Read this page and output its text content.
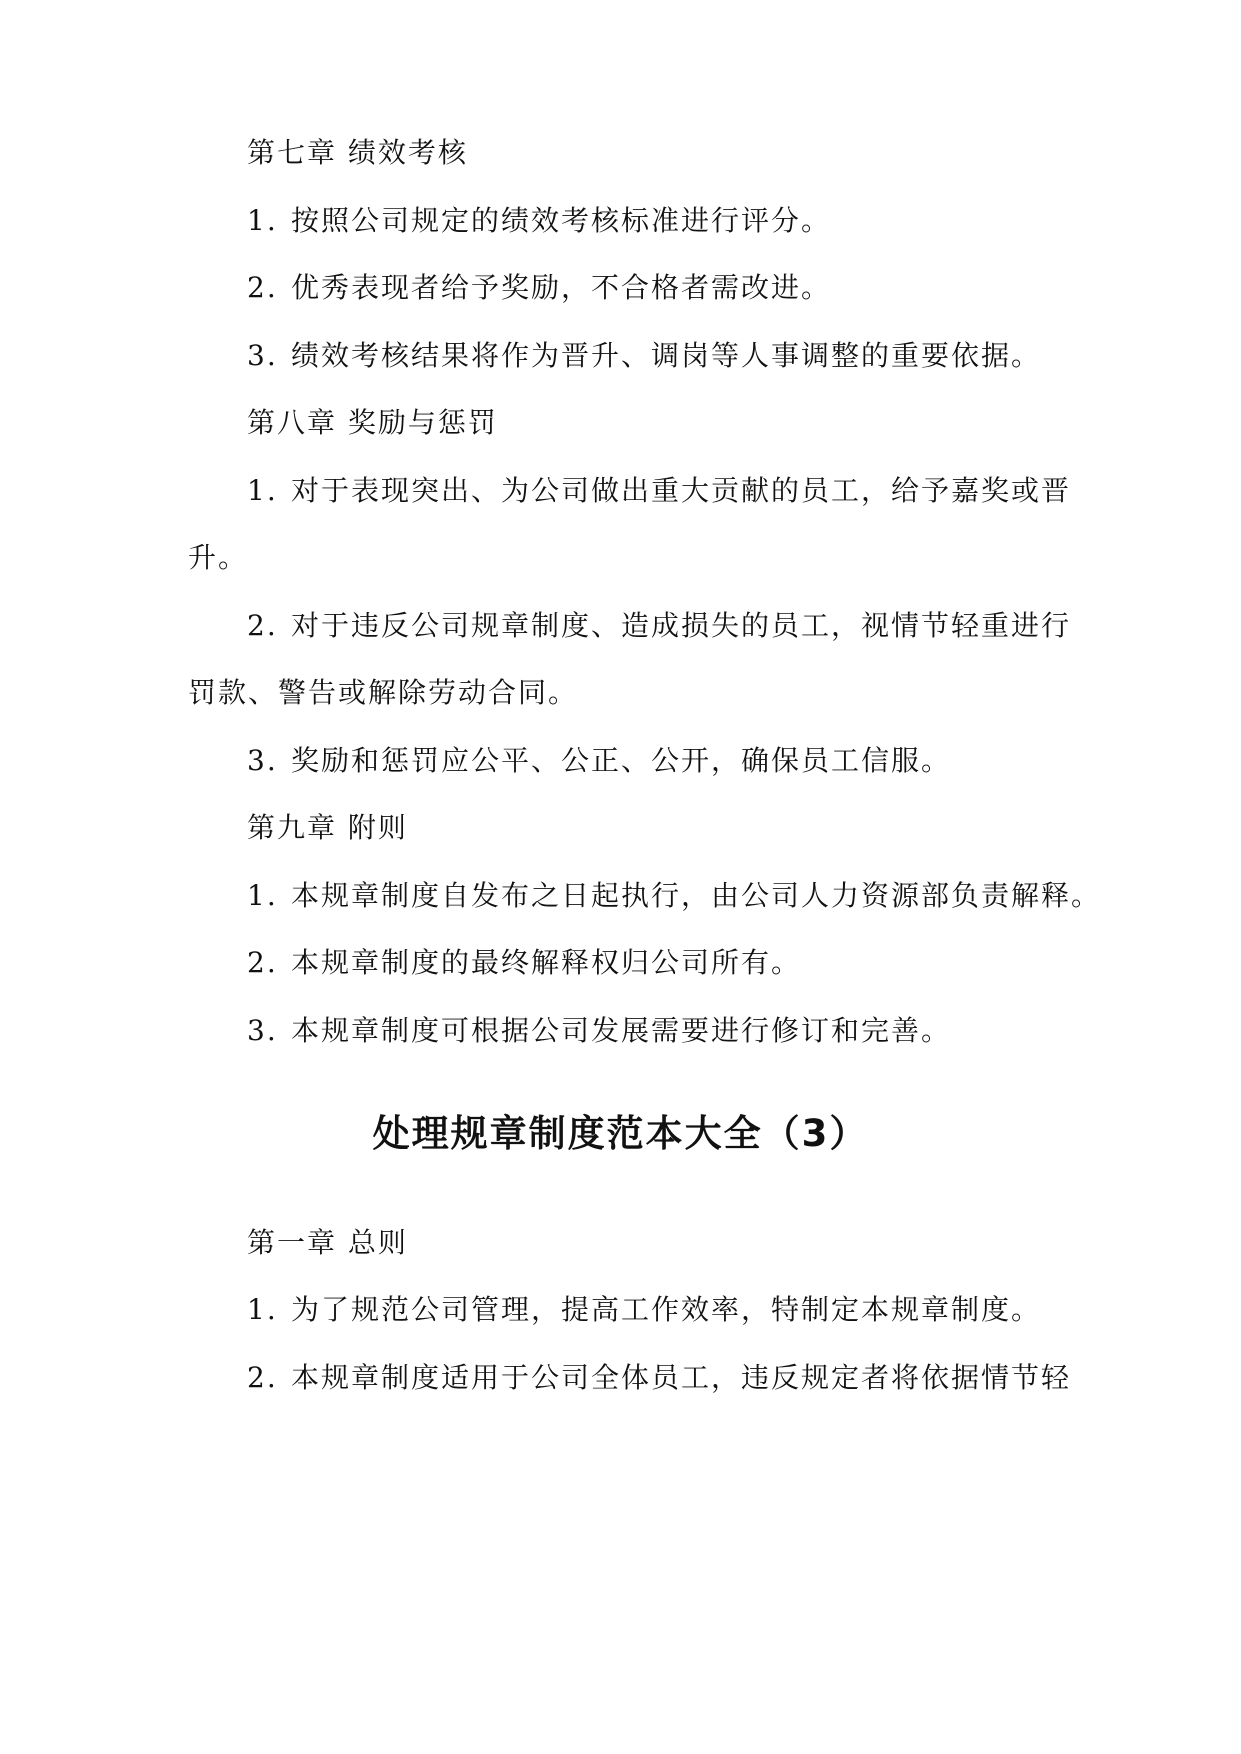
第七章 绩效考核
1. 按照公司规定的绩效考核标准进行评分。
2. 优秀表现者给予奖励，不合格者需改进。
3. 绩效考核结果将作为晋升、调岗等人事调整的重要依据。
第八章 奖励与惩罚
1. 对于表现突出、为公司做出重大贡献的员工，给予嘉奖或晋
升。
2. 对于违反公司规章制度、造成损失的员工，视情节轻重进行
罚款、警告或解除劳动合同。
3. 奖励和惩罚应公平、公正、公开，确保员工信服。
第九章 附则
1. 本规章制度自发布之日起执行，由公司人力资源部负责解释。
2. 本规章制度的最终解释权归公司所有。
3. 本规章制度可根据公司发展需要进行修订和完善。
处理规章制度范本大全（3）
第一章 总则
1. 为了规范公司管理，提高工作效率，特制定本规章制度。
2. 本规章制度适用于公司全体员工，违反规定者将依据情节轻
